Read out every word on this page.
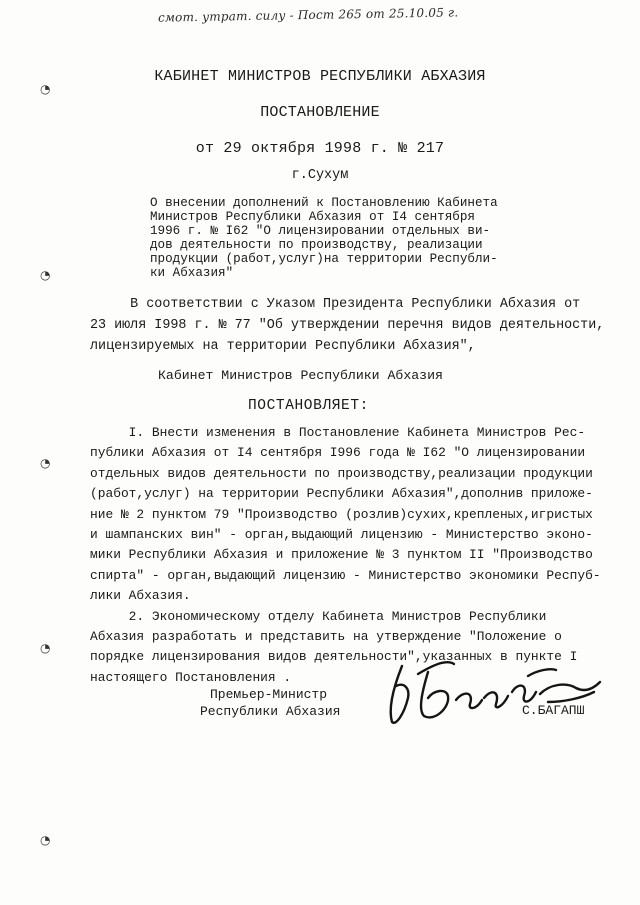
смот. утрат. силу - Пост 265 от 25.10.05 г.
◔
◔
◔
◔
◔
КАБИНЕТ МИНИСТРОВ РЕСПУБЛИКИ АБХАЗИЯ
ПОСТАНОВЛЕНИЕ
от 29 октября 1998 г. № 217
г.Сухум
О внесении дополнений к Постановлению Кабинета
Министров Республики Абхазия от I4 сентября
1996 г. № I62 "О лицензировании отдельных ви-
дов деятельности по производству, реализации
продукции (работ,услуг)на территории Республи-
ки Абхазия"
В соответствии с Указом Президента Республики Абхазия от
23 июля I998 г. № 77 "Об утверждении перечня видов деятельности,
лицензируемых на территории Республики Абхазия",
Кабинет Министров Республики Абхазия
ПОСТАНОВЛЯЕТ:
I. Внести изменения в Постановление Кабинета Министров Рес-
публики Абхазия от I4 сентября I996 года № I62 "О лицензировании
отдельных видов деятельности по производству,реализации продукции
(работ,услуг) на территории Республики Абхазия",дополнив приложе-
ние № 2 пунктом 79 "Производство (розлив)сухих,крепленых,игристых
и шампанских вин" - орган,выдающий лицензию - Министерство эконо-
мики Республики Абхазия и приложение № 3 пунктом II "Производство
спирта" - орган,выдающий лицензию - Министерство экономики Респуб-
лики Абхазия.
2. Экономическому отделу Кабинета Министров Республики
Абхазия разработать и представить на утверждение "Положение о
порядке лицензирования видов деятельности",указанных в пункте I
настоящего Постановления .
Премьер-Министр
Республики Абхазия	С.БАГАПШ
